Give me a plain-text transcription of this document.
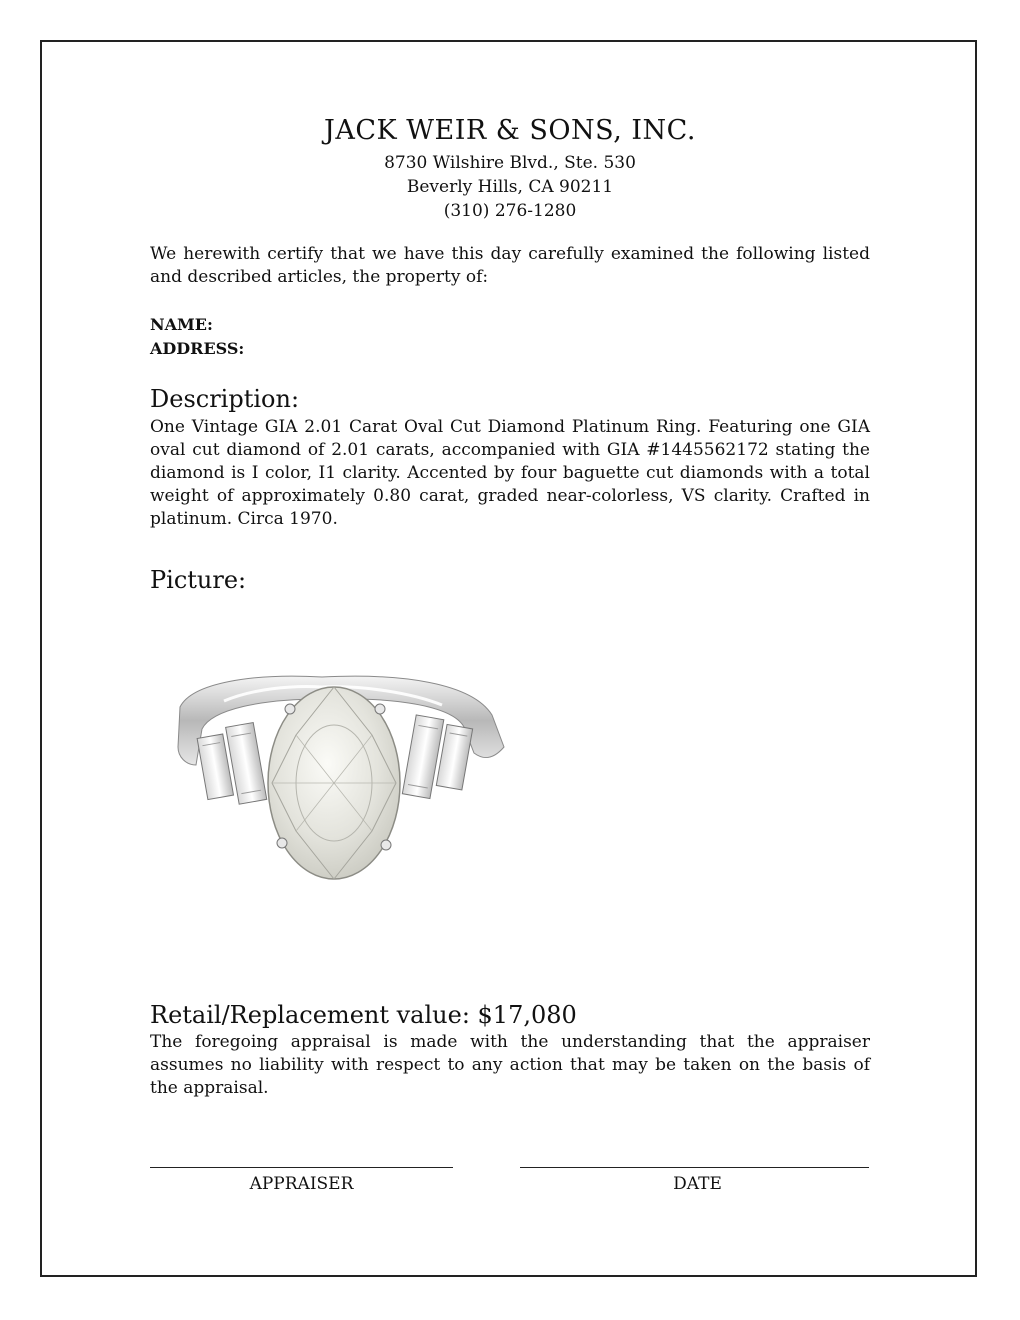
JACK WEIR & SONS, INC.
8730 Wilshire Blvd., Ste. 530
Beverly Hills, CA 90211
(310) 276-1280
We herewith certify that we have this day carefully examined the following listed and described articles, the property of:
NAME:
ADDRESS:
Description:
One Vintage GIA 2.01 Carat Oval Cut Diamond Platinum Ring. Featuring one GIA oval cut diamond of 2.01 carats, accompanied with GIA #1445562172 stating the diamond is I color, I1 clarity. Accented by four baguette cut diamonds with a total weight of approximately 0.80 carat, graded near-colorless, VS clarity. Crafted in platinum. Circa 1970.
Picture:
Retail/Replacement value: $17,080
The foregoing appraisal is made with the understanding that the appraiser assumes no liability with respect to any action that may be taken on the basis of the appraisal.
APPRAISER	DATE
